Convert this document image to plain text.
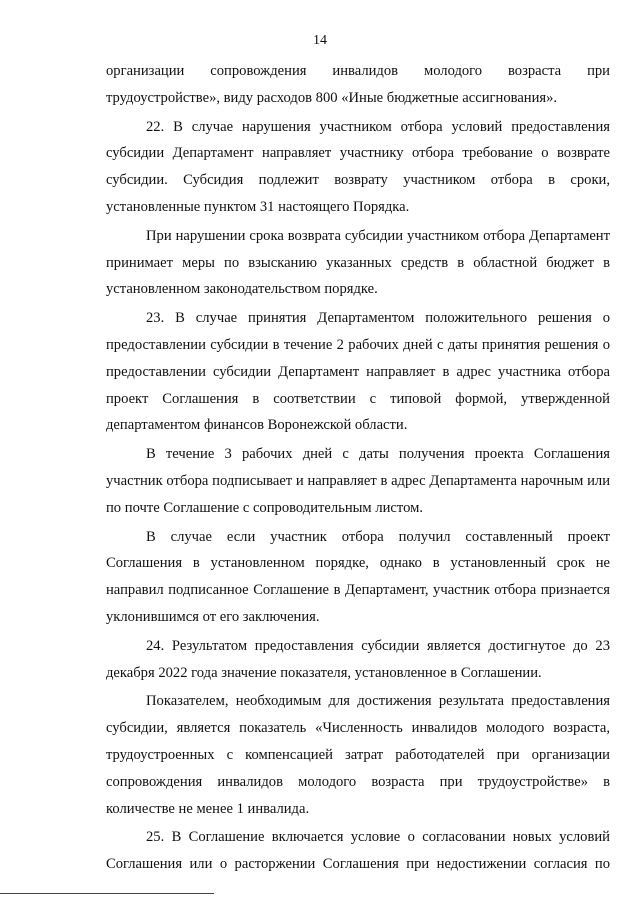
14

организации сопровождения инвалидов молодого возраста при трудоустройстве», виду расходов 800 «Иные бюджетные ассигнования».

22. В случае нарушения участником отбора условий предоставления субсидии Департамент направляет участнику отбора требование о возврате субсидии. Субсидия подлежит возврату участником отбора в сроки, установленные пунктом 31 настоящего Порядка.

При нарушении срока возврата субсидии участником отбора Департамент принимает меры по взысканию указанных средств в областной бюджет в установленном законодательством порядке.

23. В случае принятия Департаментом положительного решения о предоставлении субсидии в течение 2 рабочих дней с даты принятия решения о предоставлении субсидии Департамент направляет в адрес участника отбора проект Соглашения в соответствии с типовой формой, утвержденной департаментом финансов Воронежской области.

В течение 3 рабочих дней с даты получения проекта Соглашения участник отбора подписывает и направляет в адрес Департамента нарочным или по почте Соглашение с сопроводительным листом.

В случае если участник отбора получил составленный проект Соглашения в установленном порядке, однако в установленный срок не направил подписанное Соглашение в Департамент, участник отбора признается уклонившимся от его заключения.

24. Результатом предоставления субсидии является достигнутое до 23 декабря 2022 года значение показателя, установленное в Соглашении.

Показателем, необходимым для достижения результата предоставления субсидии, является показатель «Численность инвалидов молодого возраста, трудоустроенных с компенсацией затрат работодателей при организации сопровождения инвалидов молодого возраста при трудоустройстве» в количестве не менее 1 инвалида.

25. В Соглашение включается условие о согласовании новых условий Соглашения или о расторжении Соглашения при недостижении согласия по
